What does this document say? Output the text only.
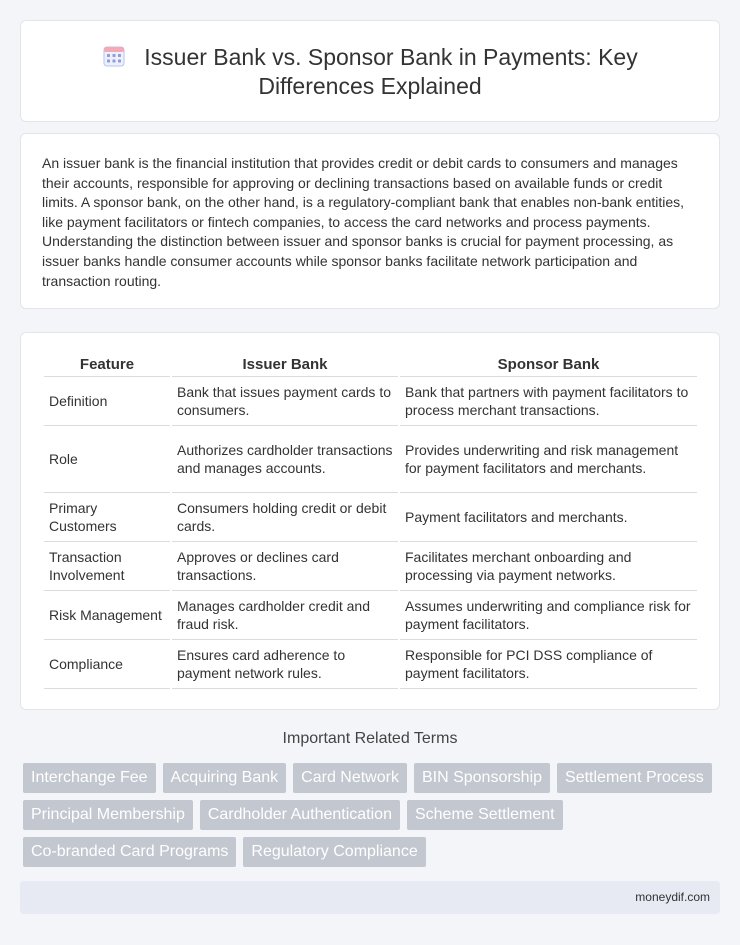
Issuer Bank vs. Sponsor Bank in Payments: Key
Differences Explained

An issuer bank is the financial institution that provides credit or debit cards to consumers and manages their accounts, responsible for approving or declining transactions based on available funds or credit limits. A sponsor bank, on the other hand, is a regulatory-compliant bank that enables non-bank entities, like payment facilitators or fintech companies, to access the card networks and process payments. Understanding the distinction between issuer and sponsor banks is crucial for payment processing, as issuer banks handle consumer accounts while sponsor banks facilitate network participation and transaction routing.

Feature	Issuer Bank	Sponsor Bank
Definition	Bank that issues payment cards to consumers.	Bank that partners with payment facilitators to process merchant transactions.
Role	Authorizes cardholder transactions and manages accounts.	Provides underwriting and risk management for payment facilitators and merchants.
Primary Customers	Consumers holding credit or debit cards.	Payment facilitators and merchants.
Transaction Involvement	Approves or declines card transactions.	Facilitates merchant onboarding and processing via payment networks.
Risk Management	Manages cardholder credit and fraud risk.	Assumes underwriting and compliance risk for payment facilitators.
Compliance	Ensures card adherence to payment network rules.	Responsible for PCI DSS compliance of payment facilitators.
Important Related Terms
Interchange Fee	Acquiring Bank	Card Network	BIN Sponsorship	Settlement Process
Principal Membership	Cardholder Authentication	Scheme Settlement
Co-branded Card Programs	Regulatory Compliance
moneydif.com
